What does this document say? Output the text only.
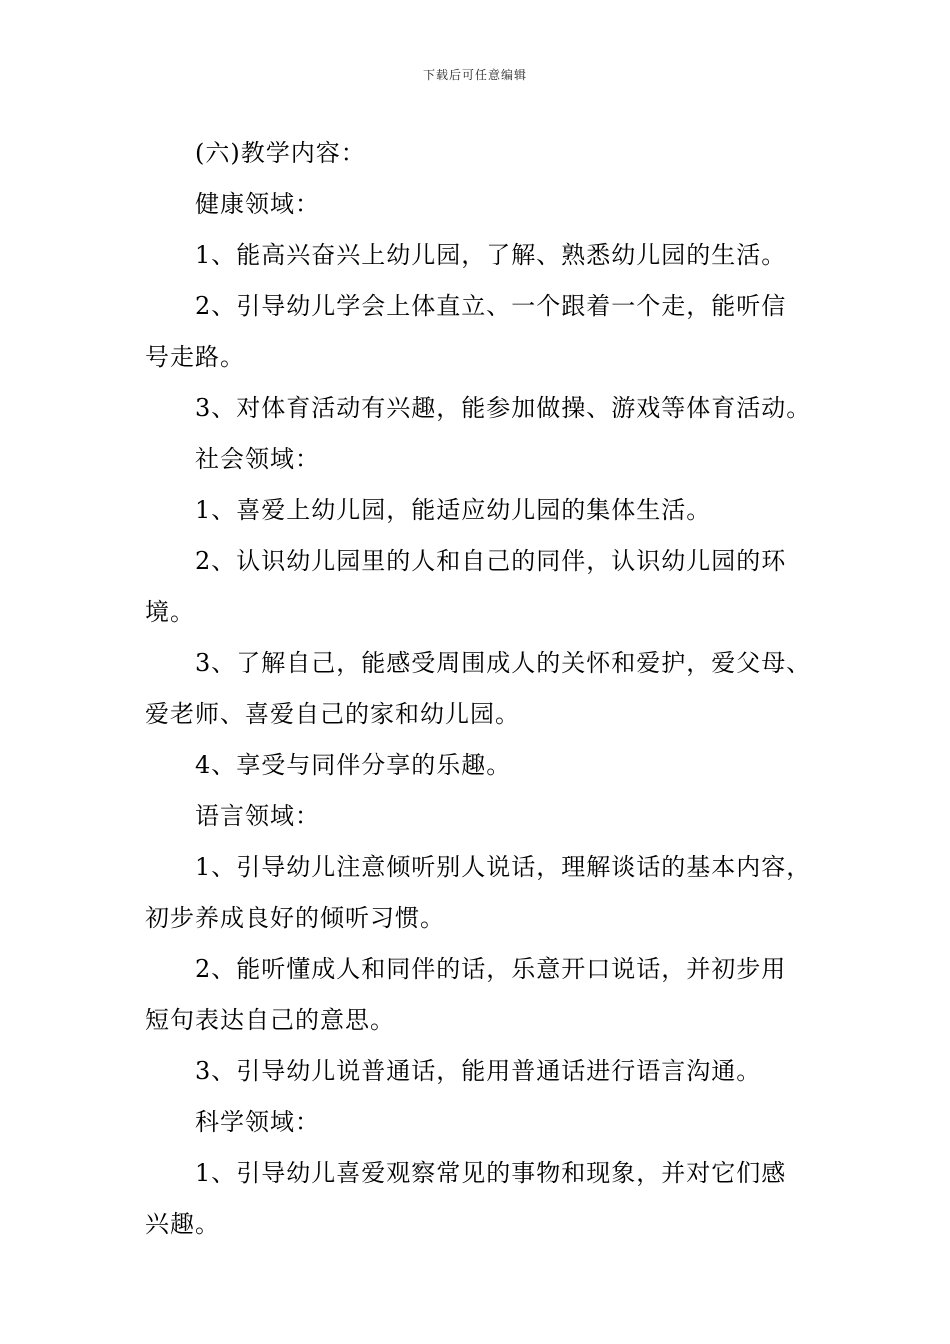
下载后可任意编辑

(六)教学内容：

健康领域：

1、能高兴奋兴上幼儿园，了解、熟悉幼儿园的生活。

2、引导幼儿学会上体直立、一个跟着一个走，能听信

号走路。

3、对体育活动有兴趣，能参加做操、游戏等体育活动。

社会领域：

1、喜爱上幼儿园，能适应幼儿园的集体生活。

2、认识幼儿园里的人和自己的同伴，认识幼儿园的环

境。

3、了解自己，能感受周围成人的关怀和爱护，爱父母、

爱老师、喜爱自己的家和幼儿园。

4、享受与同伴分享的乐趣。

语言领域：

1、引导幼儿注意倾听别人说话，理解谈话的基本内容，

初步养成良好的倾听习惯。

2、能听懂成人和同伴的话，乐意开口说话，并初步用

短句表达自己的意思。

3、引导幼儿说普通话，能用普通话进行语言沟通。

科学领域：

1、引导幼儿喜爱观察常见的事物和现象，并对它们感

兴趣。
